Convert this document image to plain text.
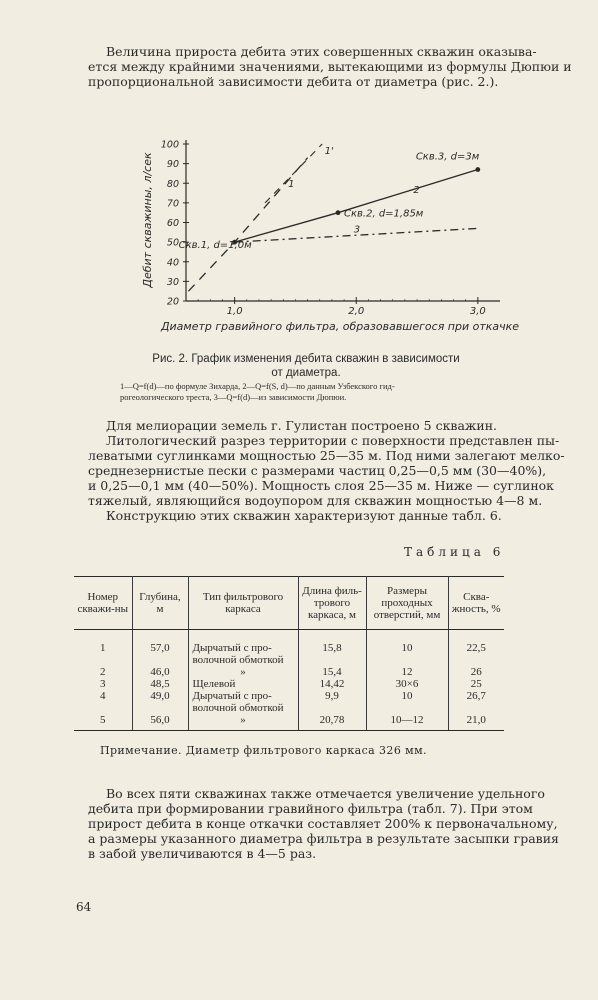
Величина прироста дебита этих совершенных скважин оказыва-
ется между крайними значениями, вытекающими из формулы Дюпюи и
пропорциональной зависимости дебита от диаметра (рис. 2.).
1,0	2,0	3,0
20
30
40
50
60
70
80
90
100
1
2
3
1'
Скв.1, d=1,0м
Скв.2, d=1,85м
Скв.3, d=3м
Диаметр гравийного фильтра, образовавшегося при откачке
Дебит скважины, л/сек
Рис. 2. График изменения дебита скважин в зависимости
от диаметра.
1—Q=f(d)—по формуле Зихарда, 2—Q=f(S, d)—по данным Узбекского гид-
рогеологического треста, 3—Q=f(d)—из зависимости Дюпюи.
Для мелиорации земель г. Гулистан построено 5 скважин.
Литологический разрез территории с поверхности представлен пы-
леватыми суглинками мощностью 25—35 м. Под ними залегают мелко-
среднезернистые пески с размерами частиц 0,25—0,5 мм (30—40%),
и 0,25—0,1 мм (40—50%). Мощность слоя 25—35 м. Ниже — суглинок
тяжелый, являющийся водоупором для скважин мощностью 4—8 м.
Конструкцию этих скважин характеризуют данные табл. 6.
Таблица 6
Номер скважи-ны	Глубина, м	Тип фильтрового каркаса	Длина филь-трового каркаса, м	Размеры проходных отверстий, мм	Сква-жность, %
1	57,0	Дырчатый с про-
волочной обмоткой	15,8	10	22,5
2	46,0	»	15,4	12	26
3	48,5	Щелевой	14,42	30×6	25
4	49,0	Дырчатый с про-
волочной обмоткой	9,9	10	26,7
5	56,0	»	20,78	10—12	21,0
Примечание. Диаметр фильтрового каркаса 326 мм.
Во всех пяти скважинах также отмечается увеличение удельного
дебита при формировании гравийного фильтра (табл. 7). При этом
прирост дебита в конце откачки составляет 200% к первоначальному,
а размеры указанного диаметра фильтра в результате засыпки гравия
в забой увеличиваются в 4—5 раз.
64
